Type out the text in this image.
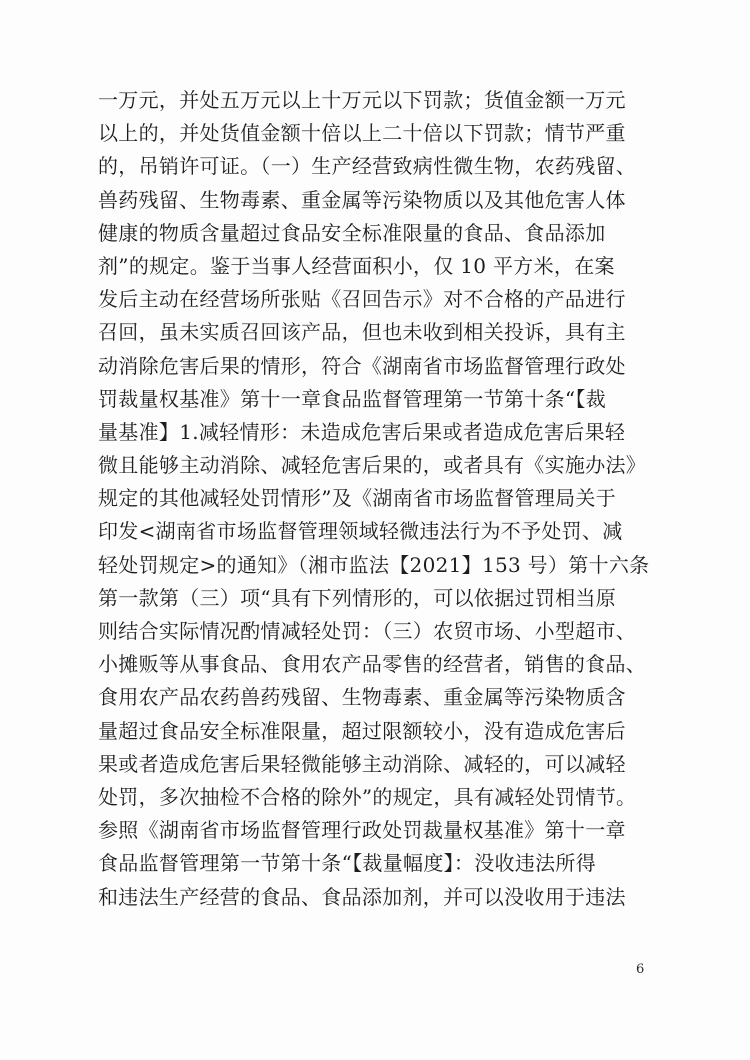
一万元，并处五万元以上十万元以下罚款；货值金额一万元
以上的，并处货值金额十倍以上二十倍以下罚款；情节严重
的，吊销许可证。（一）生产经营致病性微生物，农药残留、
兽药残留、生物毒素、重金属等污染物质以及其他危害人体
健康的物质含量超过食品安全标准限量的食品、食品添加
剂”的规定。鉴于当事人经营面积小，仅 10 平方米，在案
发后主动在经营场所张贴《召回告示》对不合格的产品进行
召回，虽未实质召回该产品，但也未收到相关投诉，具有主
动消除危害后果的情形，符合《湖南省市场监督管理行政处
罚裁量权基准》第十一章食品监督管理第一节第十条“【裁
量基准】1.减轻情形：未造成危害后果或者造成危害后果轻
微且能够主动消除、减轻危害后果的，或者具有《实施办法》
规定的其他减轻处罚情形”及《湖南省市场监督管理局关于
印发<湖南省市场监督管理领域轻微违法行为不予处罚、减
轻处罚规定>的通知》（湘市监法【2021】153 号）第十六条
第一款第（三）项“具有下列情形的，可以依据过罚相当原
则结合实际情况酌情减轻处罚：（三）农贸市场、小型超市、
小摊贩等从事食品、食用农产品零售的经营者，销售的食品、
食用农产品农药兽药残留、生物毒素、重金属等污染物质含
量超过食品安全标准限量，超过限额较小，没有造成危害后
果或者造成危害后果轻微能够主动消除、减轻的，可以减轻
处罚，多次抽检不合格的除外”的规定，具有减轻处罚情节。
参照《湖南省市场监督管理行政处罚裁量权基准》第十一章
食品监督管理第一节第十条“【裁量幅度】：没收违法所得
和违法生产经营的食品、食品添加剂，并可以没收用于违法
6
